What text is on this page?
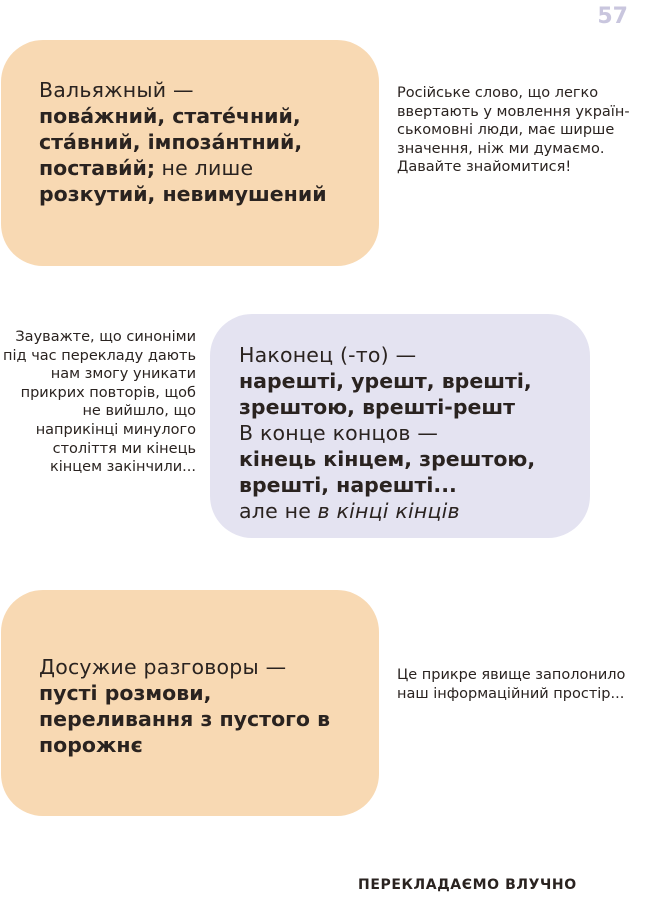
57
Вальяжный —
пова́жний, стате́чний, ста́вний, імпоза́нтний, постави́й; не лише розкутий, невимушений
Російське слово, що легко ввертають у мовлення українськомовні люди, має ширше значення, ніж ми думаємо. Давайте знайомитися!
Наконец (-то) —
нарешті, урешт, врешті, зрештою, врешті-решт
В конце концов —
кінець кінцем, зрештою, врешті, нарешті...
але не в кінці кінців
Зауважте, що синоніми під час перекладу дають нам змогу уникати прикрих повторів, щоб не вийшло, що наприкінці минулого століття ми кінець кінцем закінчили...
Досужие разговоры —
пусті розмови, переливання з пустого в порожнє
Це прикре явище заполонило наш інформаційний простір...
ПЕРЕКЛАДАЄМО ВЛУЧНО
